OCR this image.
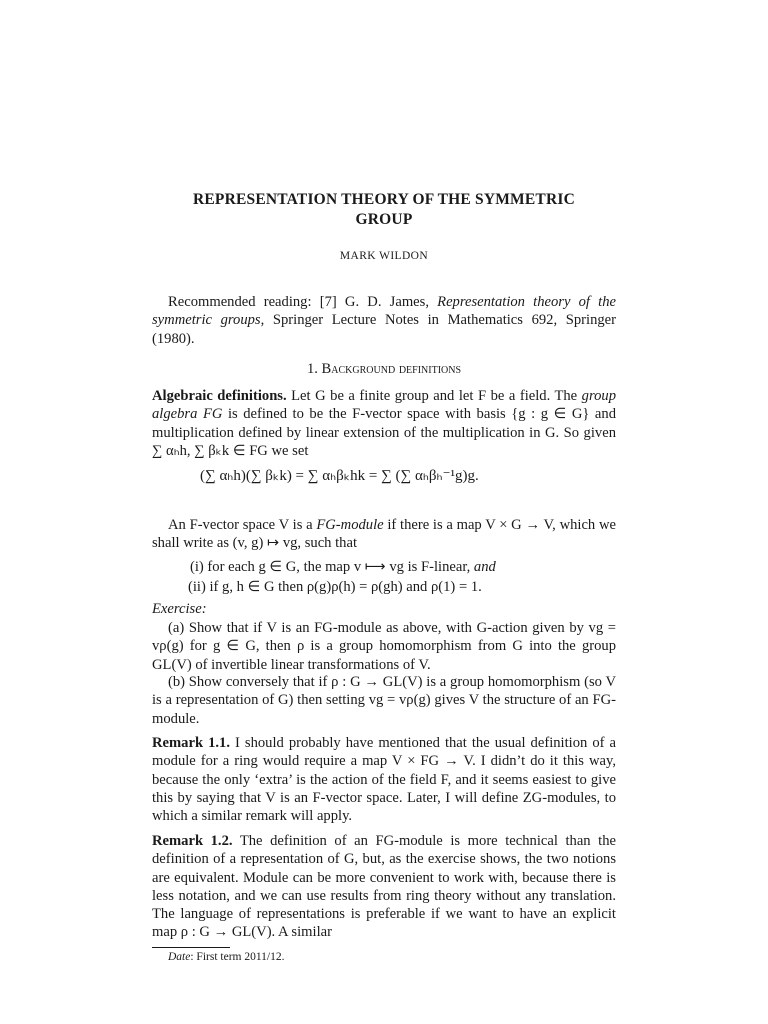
REPRESENTATION THEORY OF THE SYMMETRIC
GROUP
MARK WILDON
Recommended reading: [7] G. D. James, Representation theory of the symmetric groups, Springer Lecture Notes in Mathematics 692, Springer (1980).
1. Background definitions
Algebraic definitions. Let G be a finite group and let F be a field. The group algebra FG is defined to be the F-vector space with basis {g : g ∈ G} and multiplication defined by linear extension of the multiplication in G. So given ∑ αₕh, ∑ βₖk ∈ FG we set
(∑ αₕh)(∑ βₖk) = ∑ αₕβₖhk = ∑ (∑ αₕβₕ⁻¹g)g.
An F-vector space V is a FG-module if there is a map V × G → V, which we shall write as (v, g) ↦ vg, such that
(i) for each g ∈ G, the map v ⟼ vg is F-linear, and
(ii) if g, h ∈ G then ρ(g)ρ(h) = ρ(gh) and ρ(1) = 1.
Exercise:
(a) Show that if V is an FG-module as above, with G-action given by vg = vρ(g) for g ∈ G, then ρ is a group homomorphism from G into the group GL(V) of invertible linear transformations of V.
(b) Show conversely that if ρ : G → GL(V) is a group homomorphism (so V is a representation of G) then setting vg = vρ(g) gives V the structure of an FG-module.
Remark 1.1. I should probably have mentioned that the usual definition of a module for a ring would require a map V × FG → V. I didn’t do it this way, because the only ‘extra’ is the action of the field F, and it seems easiest to give this by saying that V is an F-vector space. Later, I will define ZG-modules, to which a similar remark will apply.
Remark 1.2. The definition of an FG-module is more technical than the definition of a representation of G, but, as the exercise shows, the two notions are equivalent. Module can be more convenient to work with, because there is less notation, and we can use results from ring theory without any translation. The language of representations is preferable if we want to have an explicit map ρ : G → GL(V). A similar
Date: First term 2011/12.
